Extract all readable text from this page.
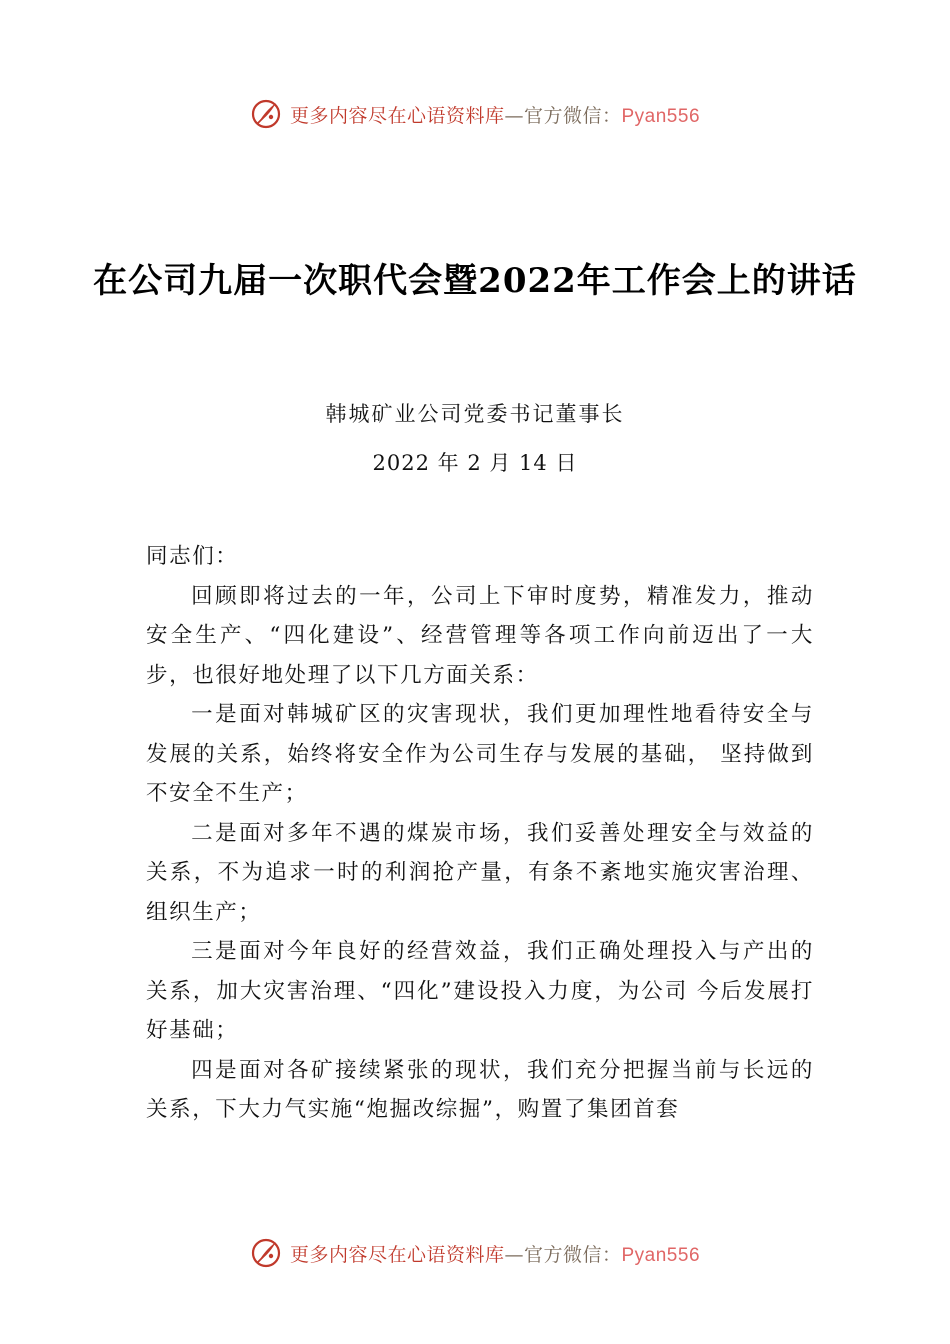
更多内容尽在心语资料库—官方微信：Pyan556
在公司九届一次职代会暨2022年工作会上的讲话
韩城矿业公司党委书记董事长
2022 年 2 月 14 日

同志们：

回顾即将过去的一年，公司上下审时度势，精准发力，推动安全生产、“四化建设”、经营管理等各项工作向前迈出了一大步，也很好地处理了以下几方面关系：

一是面对韩城矿区的灾害现状，我们更加理性地看待安全与发展的关系，始终将安全作为公司生存与发展的基础， 坚持做到不安全不生产；

二是面对多年不遇的煤炭市场，我们妥善处理安全与效益的关系，不为追求一时的利润抢产量，有条不紊地实施灾害治理、组织生产；

三是面对今年良好的经营效益，我们正确处理投入与产出的关系，加大灾害治理、“四化”建设投入力度，为公司 今后发展打好基础；

四是面对各矿接续紧张的现状，我们充分把握当前与长远的关系，下大力气实施“炮掘改综掘”，购置了集团首套

更多内容尽在心语资料库—官方微信：Pyan556
